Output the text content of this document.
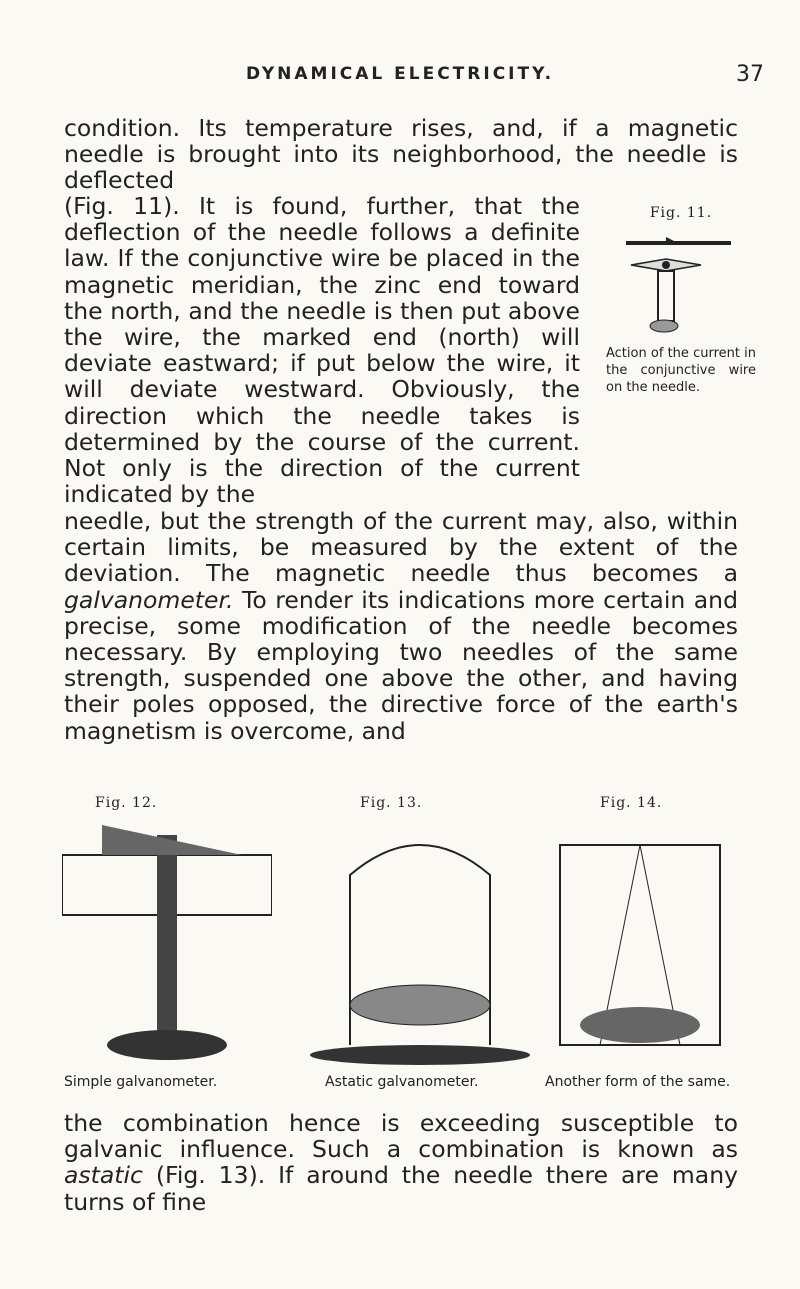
DYNAMICAL ELECTRICITY.	37

condition. Its temperature rises, and, if a magnetic needle is brought into its neighborhood, the needle is deflected

(Fig. 11). It is found, further, that the deflection of the needle follows a definite law. If the conjunctive wire be placed in the magnetic meridian, the zinc end toward the north, and the needle is then put above the wire, the marked end (north) will deviate eastward; if put below the wire, it will deviate westward. Obviously, the direction which the needle takes is determined by the course of the current. Not only is the direction of the current indicated by the

Fig. 11.
Action of the current in the conjunctive wire on the needle.

needle, but the strength of the current may, also, within certain limits, be measured by the extent of the deviation. The magnetic needle thus becomes a galvanometer. To render its indications more certain and precise, some modification of the needle becomes necessary. By employing two needles of the same strength, suspended one above the other, and having their poles opposed, the directive force of the earth's magnetism is overcome, and

Fig. 12.	Fig. 13.	Fig. 14.
Simple galvanometer.	Astatic galvanometer.	Another form of the same.

the combination hence is exceeding susceptible to galvanic influence. Such a combination is known as astatic (Fig. 13). If around the needle there are many turns of fine
